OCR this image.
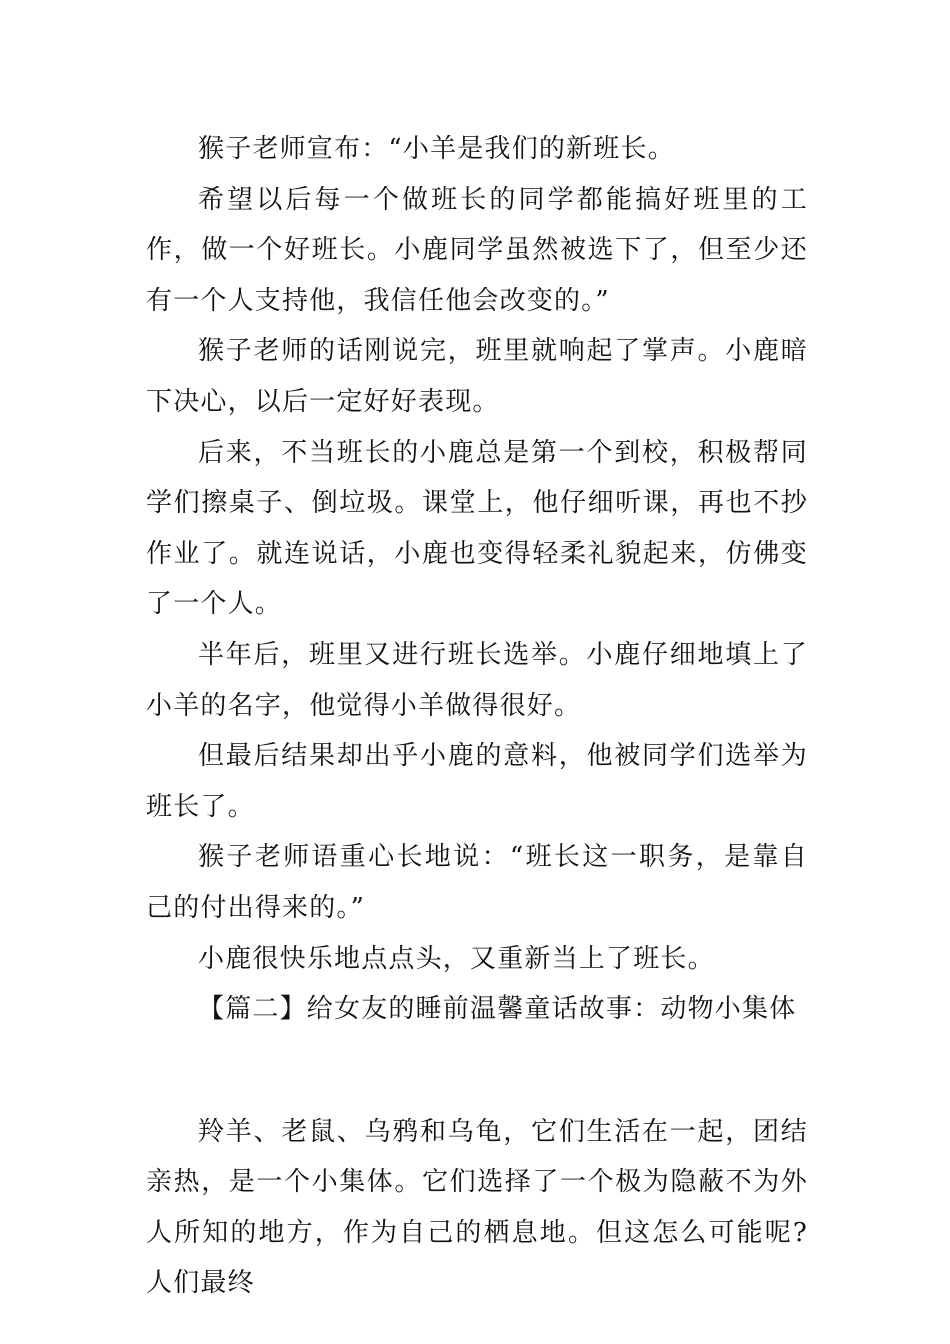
猴子老师宣布：“小羊是我们的新班长。

希望以后每一个做班长的同学都能搞好班里的工作，做一个好班长。小鹿同学虽然被选下了，但至少还有一个人支持他，我信任他会改变的。”

猴子老师的话刚说完，班里就响起了掌声。小鹿暗下决心，以后一定好好表现。

后来，不当班长的小鹿总是第一个到校，积极帮同学们擦桌子、倒垃圾。课堂上，他仔细听课，再也不抄作业了。就连说话，小鹿也变得轻柔礼貌起来，仿佛变了一个人。

半年后，班里又进行班长选举。小鹿仔细地填上了小羊的名字，他觉得小羊做得很好。

但最后结果却出乎小鹿的意料，他被同学们选举为班长了。

猴子老师语重心长地说：“班长这一职务，是靠自己的付出得来的。”

小鹿很快乐地点点头，又重新当上了班长。

【篇二】给女友的睡前温馨童话故事：动物小集体

羚羊、老鼠、乌鸦和乌龟，它们生活在一起，团结亲热，是一个小集体。它们选择了一个极为隐蔽不为外人所知的地方，作为自己的栖息地。但这怎么可能呢?人们最终
